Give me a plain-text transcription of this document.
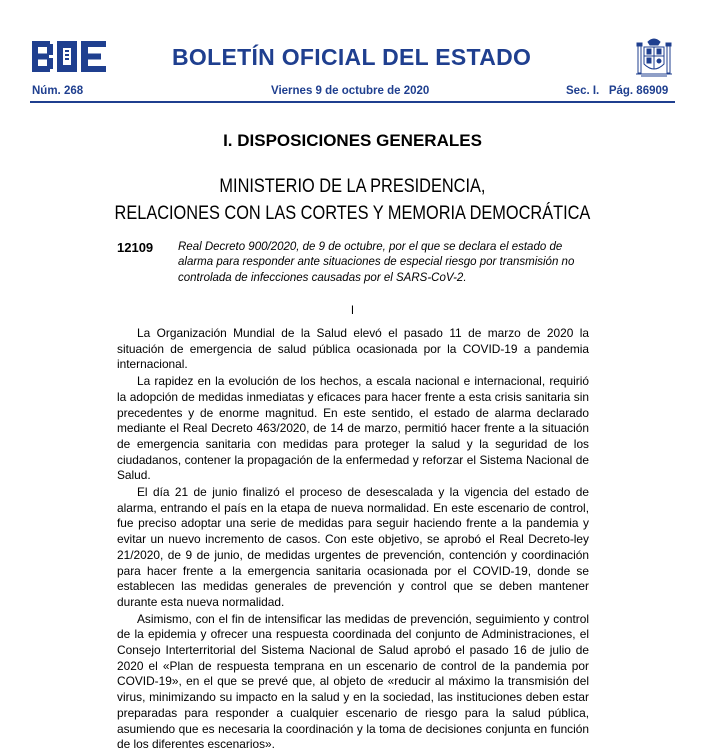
BOLETÍN OFICIAL DEL ESTADO
Núm. 268	Viernes 9 de octubre de 2020	Sec. I.   Pág. 86909
I. DISPOSICIONES GENERALES
MINISTERIO DE LA PRESIDENCIA,
RELACIONES CON LAS CORTES Y MEMORIA DEMOCRÁTICA
12109 Real Decreto 900/2020, de 9 de octubre, por el que se declara el estado de alarma para responder ante situaciones de especial riesgo por transmisión no controlada de infecciones causadas por el SARS-CoV-2.
I

La Organización Mundial de la Salud elevó el pasado 11 de marzo de 2020 la situación de emergencia de salud pública ocasionada por la COVID-19 a pandemia internacional.

La rapidez en la evolución de los hechos, a escala nacional e internacional, requirió la adopción de medidas inmediatas y eficaces para hacer frente a esta crisis sanitaria sin precedentes y de enorme magnitud. En este sentido, el estado de alarma declarado mediante el Real Decreto 463/2020, de 14 de marzo, permitió hacer frente a la situación de emergencia sanitaria con medidas para proteger la salud y la seguridad de los ciudadanos, contener la propagación de la enfermedad y reforzar el Sistema Nacional de Salud.

El día 21 de junio finalizó el proceso de desescalada y la vigencia del estado de alarma, entrando el país en la etapa de nueva normalidad. En este escenario de control, fue preciso adoptar una serie de medidas para seguir haciendo frente a la pandemia y evitar un nuevo incremento de casos. Con este objetivo, se aprobó el Real Decreto-ley 21/2020, de 9 de junio, de medidas urgentes de prevención, contención y coordinación para hacer frente a la emergencia sanitaria ocasionada por el COVID-19, donde se establecen las medidas generales de prevención y control que se deben mantener durante esta nueva normalidad.

Asimismo, con el fin de intensificar las medidas de prevención, seguimiento y control de la epidemia y ofrecer una respuesta coordinada del conjunto de Administraciones, el Consejo Interterritorial del Sistema Nacional de Salud aprobó el pasado 16 de julio de 2020 el «Plan de respuesta temprana en un escenario de control de la pandemia por COVID-19», en el que se prevé que, al objeto de «reducir al máximo la transmisión del virus, minimizando su impacto en la salud y en la sociedad, las instituciones deben estar preparadas para responder a cualquier escenario de riesgo para la salud pública, asumiendo que es necesaria la coordinación y la toma de decisiones conjunta en función de los diferentes escenarios».
